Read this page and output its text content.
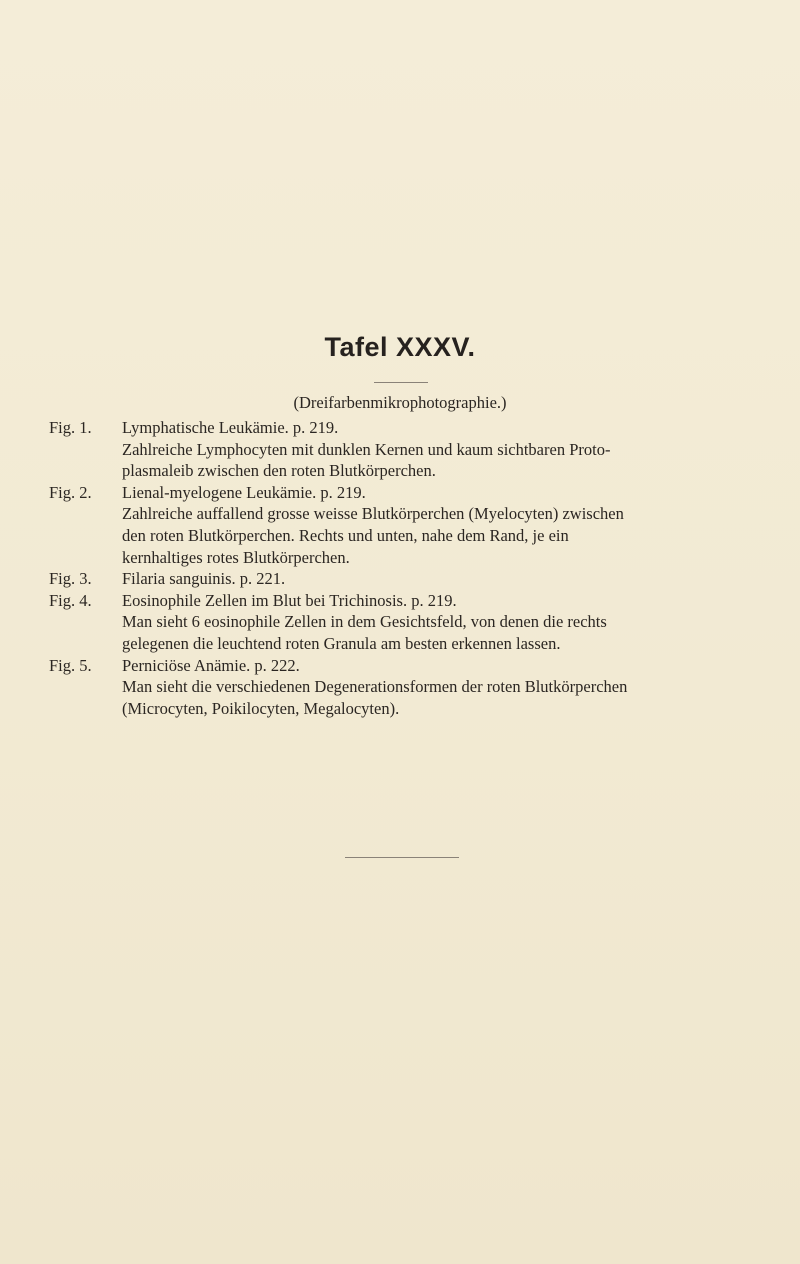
Tafel XXXV.
(Dreifarbenmikrophotographie.)
Fig. 1.	Lymphatische Leukämie. p. 219.
Zahlreiche Lymphocyten mit dunklen Kernen und kaum sichtbaren Proto-
plasmaleib zwischen den roten Blutkörperchen.
Fig. 2.	Lienal-myelogene Leukämie. p. 219.
Zahlreiche auffallend grosse weisse Blutkörperchen (Myelocyten) zwischen
den roten Blutkörperchen. Rechts und unten, nahe dem Rand, je ein
kernhaltiges rotes Blutkörperchen.
Fig. 3.	Filaria sanguinis. p. 221.
Fig. 4.	Eosinophile Zellen im Blut bei Trichinosis. p. 219.
Man sieht 6 eosinophile Zellen in dem Gesichtsfeld, von denen die rechts
gelegenen die leuchtend roten Granula am besten erkennen lassen.
Fig. 5.	Perniciöse Anämie. p. 222.
Man sieht die verschiedenen Degenerationsformen der roten Blutkörperchen
(Microcyten, Poikilocyten, Megalocyten).
